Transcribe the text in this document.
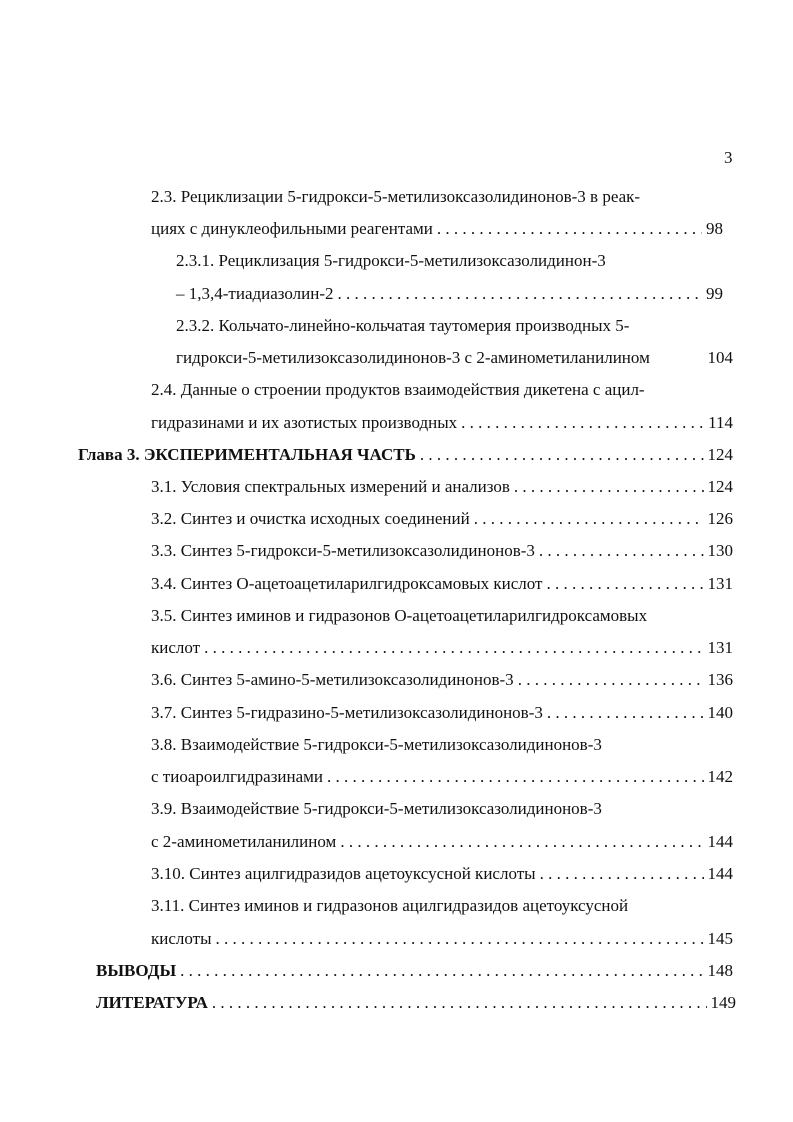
3
2.3. Рециклизации 5-гидрокси-5-метилизоксазолидинонов-3 в реак-
циях с динуклеофильными реагентами . . .	98
2.3.1. Рециклизация 5-гидрокси-5-метилизоксазолидинон-3
– 1,3,4-тиадиазолин-2 . . .	99
2.3.2. Кольчато-линейно-кольчатая таутомерия производных 5-
гидрокси-5-метилизоксазолидинонов-3 с 2-аминометиланилином	104
2.4. Данные о строении продуктов взаимодействия дикетена с ацил-
гидразинами и их азотистых производных . . .	114
Глава 3. ЭКСПЕРИМЕНТАЛЬНАЯ ЧАСТЬ . . .	124
3.1. Условия спектральных измерений и анализов . . .	124
3.2. Синтез и очистка исходных соединений . . .	126
3.3. Синтез 5-гидрокси-5-метилизоксазолидинонов-3 . . .	130
3.4. Синтез О-ацетоацетиларилгидроксамовых кислот . . .	131
3.5. Синтез иминов и гидразонов О-ацетоацетиларилгидроксамовых
кислот . . .	131
3.6. Синтез 5-амино-5-метилизоксазолидинонов-3 . . .	136
3.7. Синтез 5-гидразино-5-метилизоксазолидинонов-3 . . .	140
3.8. Взаимодействие 5-гидрокси-5-метилизоксазолидинонов-3
с тиоароилгидразинами . . .	142
3.9. Взаимодействие 5-гидрокси-5-метилизоксазолидинонов-3
с 2-аминометиланилином . . .	144
3.10. Синтез ацилгидразидов ацетоуксусной кислоты . . .	144
3.11. Синтез иминов и гидразонов ацилгидразидов ацетоуксусной
кислоты . . .	145
ВЫВОДЫ . . .	148
ЛИТЕРАТУРА . . .	149
